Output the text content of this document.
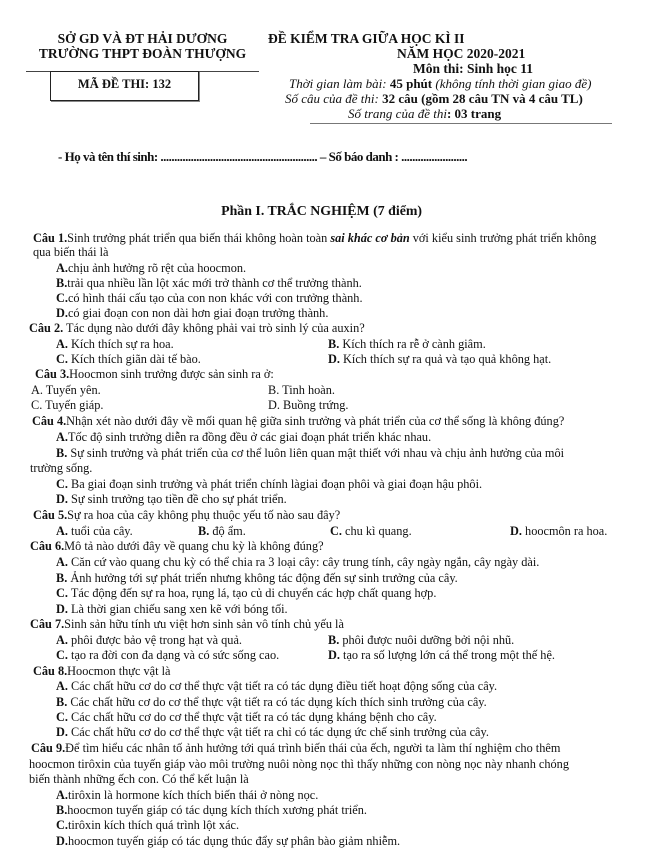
SỞ GD VÀ ĐT HẢI DƯƠNG
TRƯỜNG THPT ĐOÀN THƯỢNG
MÃ ĐỀ THI: 132
ĐỀ KIỂM TRA GIỮA HỌC KÌ II
NĂM HỌC 2020-2021
Môn thi: Sinh học 11
Thời gian làm bài: 45 phút (không tính thời gian giao đề)
Số câu của đề thi: 32 câu (gồm 28 câu TN và 4 câu TL)
Số trang của đề thi: 03 trang
- Họ và tên thí sinh: ......................................................... – Số báo danh : ........................
Phần I. TRẮC NGHIỆM (7 điểm)
Câu 1.Sinh trưởng phát triển qua biến thái không hoàn toàn sai khác cơ bản với kiểu sinh trưởng phát triển không
qua biến thái là
A.chịu ảnh hưởng rõ rệt của hoocmon.
B.trải qua nhiều lần lột xác mới trở thành cơ thể trưởng thành.
C.có hình thái cấu tạo của con non khác với con trưởng thành.
D.có giai đoạn con non dài hơn giai đoạn trưởng thành.
Câu 2. Tác dụng nào dưới đây không phải vai trò sinh lý của auxin?
A. Kích thích sự ra hoa.	B. Kích thích ra rễ ở cành giâm.
C. Kích thích giãn dài tế bào.	D. Kích thích sự ra quả và tạo quả không hạt.
Câu 3.Hoocmon sinh trưởng được sản sinh ra ở:
A. Tuyến yên.	B. Tinh hoàn.
C. Tuyến giáp.	D. Buồng trứng.
Câu 4.Nhận xét nào dưới đây về mối quan hệ giữa sinh trưởng và phát triển của cơ thể sống là không đúng?
A.Tốc độ sinh trưởng diễn ra đồng đều ở các giai đoạn phát triển khác nhau.
B. Sự sinh trưởng và phát triển của cơ thể luôn liên quan mật thiết với nhau và chịu ảnh hưởng của môi
trường sống.
C. Ba giai đoạn sinh trưởng và phát triển chính làgiai đoạn phôi và giai đoạn hậu phôi.
D. Sự sinh trưởng tạo tiền đề cho sự phát triển.
Câu 5.Sự ra hoa của cây không phụ thuộc yếu tố nào sau đây?
A. tuổi của cây.	B. độ ẩm.	C. chu kì quang.	D. hoocmôn ra hoa.
Câu 6.Mô tả nào dưới đây về quang chu kỳ là không đúng?
A. Căn cứ vào quang chu kỳ có thể chia ra 3 loại cây: cây trung tính, cây ngày ngắn, cây ngày dài.
B. Ảnh hưởng tới sự phát triển nhưng không tác động đến sự sinh trưởng của cây.
C. Tác động đến sự ra hoa, rụng lá, tạo củ di chuyển các hợp chất quang hợp.
D. Là thời gian chiếu sang xen kẽ với bóng tối.
Câu 7.Sinh sản hữu tính ưu việt hơn sinh sản vô tính chủ yếu là
A. phôi được bảo vệ trong hạt và quả.	B. phôi được nuôi dưỡng bởi nội nhũ.
C. tạo ra đời con đa dạng và có sức sống cao.	D. tạo ra số lượng lớn cá thể trong một thế hệ.
Câu 8.Hoocmon thực vật là
A. Các chất hữu cơ do cơ thể thực vật tiết ra có tác dụng điều tiết hoạt động sống của cây.
B. Các chất hữu cơ do cơ thể thực vật tiết ra có tác dụng kích thích sinh trưởng của cây.
C. Các chất hữu cơ do cơ thể thực vật tiết ra có tác dụng kháng bệnh cho cây.
D. Các chất hữu cơ do cơ thể thực vật tiết ra chỉ có tác dụng ức chế sinh trưởng của cây.
Câu 9.Để tìm hiểu các nhân tố ảnh hưởng tới quá trình biến thái của ếch, người ta làm thí nghiệm cho thêm
hoocmon tirôxin của tuyến giáp vào môi trường nuôi nòng nọc thì thấy những con nòng nọc này nhanh chóng
biến thành những ếch con. Có thể kết luận là
A.tirôxin là hormone kích thích biến thái ở nòng nọc.
B.hoocmon tuyến giáp có tác dụng kích thích xương phát triển.
C.tirôxin kích thích quá trình lột xác.
D.hoocmon tuyến giáp có tác dụng thúc đẩy sự phân bào giảm nhiễm.
